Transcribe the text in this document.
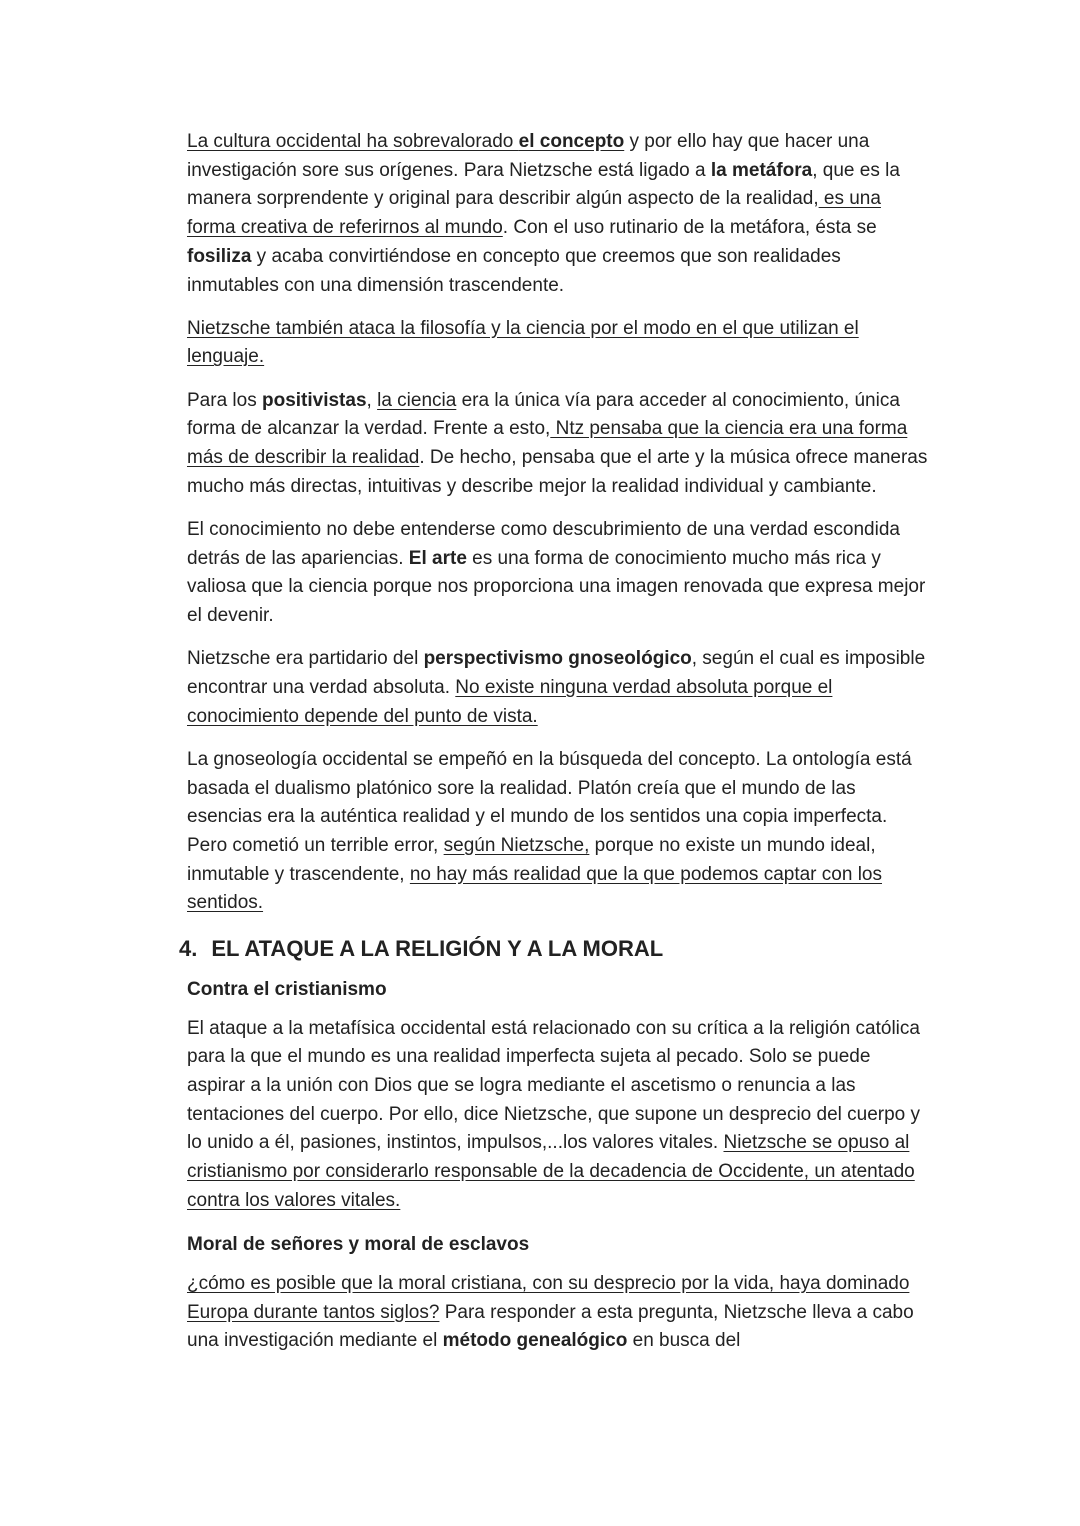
La cultura occidental ha sobrevalorado el concepto y por ello hay que hacer una investigación sore sus orígenes. Para Nietzsche está ligado a la metáfora, que es la manera sorprendente y original para describir algún aspecto de la realidad, es una forma creativa de referirnos al mundo. Con el uso rutinario de la metáfora, ésta se fosiliza y acaba convirtiéndose en concepto que creemos que son realidades inmutables con una dimensión trascendente.

Nietzsche también ataca la filosofía y la ciencia por el modo en el que utilizan el lenguaje.

Para los positivistas, la ciencia era la única vía para acceder al conocimiento, única forma de alcanzar la verdad. Frente a esto, Ntz pensaba que la ciencia era una forma más de describir la realidad. De hecho, pensaba que el arte y la música ofrece maneras mucho más directas, intuitivas y describe mejor la realidad individual y cambiante.

El conocimiento no debe entenderse como descubrimiento de una verdad escondida detrás de las apariencias. El arte es una forma de conocimiento mucho más rica y valiosa que la ciencia porque nos proporciona una imagen renovada que expresa mejor el devenir.

Nietzsche era partidario del perspectivismo gnoseológico, según el cual es imposible encontrar una verdad absoluta. No existe ninguna verdad absoluta porque el conocimiento depende del punto de vista.

La gnoseología occidental se empeñó en la búsqueda del concepto. La ontología está basada el dualismo platónico sore la realidad. Platón creía que el mundo de las esencias era la auténtica realidad y el mundo de los sentidos una copia imperfecta. Pero cometió un terrible error, según Nietzsche, porque no existe un mundo ideal, inmutable y trascendente, no hay más realidad que la que podemos captar con los sentidos.

4. EL ATAQUE A LA RELIGIÓN Y A LA MORAL
Contra el cristianismo

El ataque a la metafísica occidental está relacionado con su crítica a la religión católica para la que el mundo es una realidad imperfecta sujeta al pecado. Solo se puede aspirar a la unión con Dios que se logra mediante el ascetismo o renuncia a las tentaciones del cuerpo. Por ello, dice Nietzsche, que supone un desprecio del cuerpo y lo unido a él, pasiones, instintos, impulsos,...los valores vitales. Nietzsche se opuso al cristianismo por considerarlo responsable de la decadencia de Occidente, un atentado contra los valores vitales.

Moral de señores y moral de esclavos

¿cómo es posible que la moral cristiana, con su desprecio por la vida, haya dominado Europa durante tantos siglos? Para responder a esta pregunta, Nietzsche lleva a cabo una investigación mediante el método genealógico en busca del
